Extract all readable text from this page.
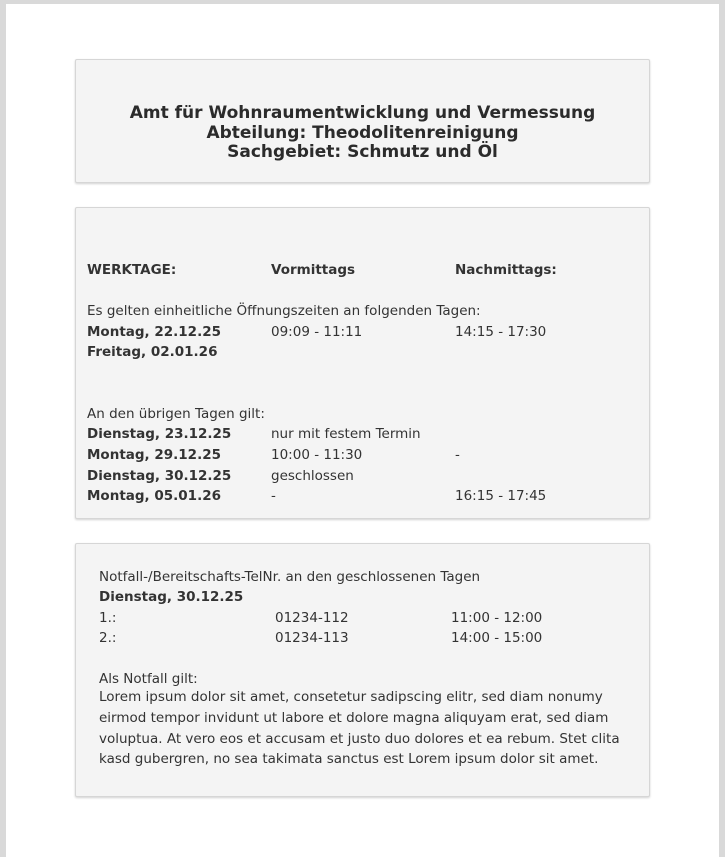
Amt für Wohnraumentwicklung und Vermessung
Abteilung: Theodolitenreinigung
Sachgebiet: Schmutz und Öl
WERKTAGE:	Vormittags	Nachmittags:
Es gelten einheitliche Öffnungszeiten an folgenden Tagen:
Montag, 22.12.25	09:09 - 11:11	14:15 - 17:30
Freitag, 02.01.26
An den übrigen Tagen gilt:
Dienstag, 23.12.25	nur mit festem Termin
Montag, 29.12.25	10:00 - 11:30	-
Dienstag, 30.12.25	geschlossen
Montag, 05.01.26	-	16:15 - 17:45
Notfall-/Bereitschafts-TelNr. an den geschlossenen Tagen
Dienstag, 30.12.25
1.:	01234-112	11:00 - 12:00
2.:	01234-113	14:00 - 15:00
Als Notfall gilt:
Lorem ipsum dolor sit amet, consetetur sadipscing elitr, sed diam nonumy eirmod tempor invidunt ut labore et dolore magna aliquyam erat, sed diam voluptua. At vero eos et accusam et justo duo dolores et ea rebum. Stet clita kasd gubergren, no sea takimata sanctus est Lorem ipsum dolor sit amet.
